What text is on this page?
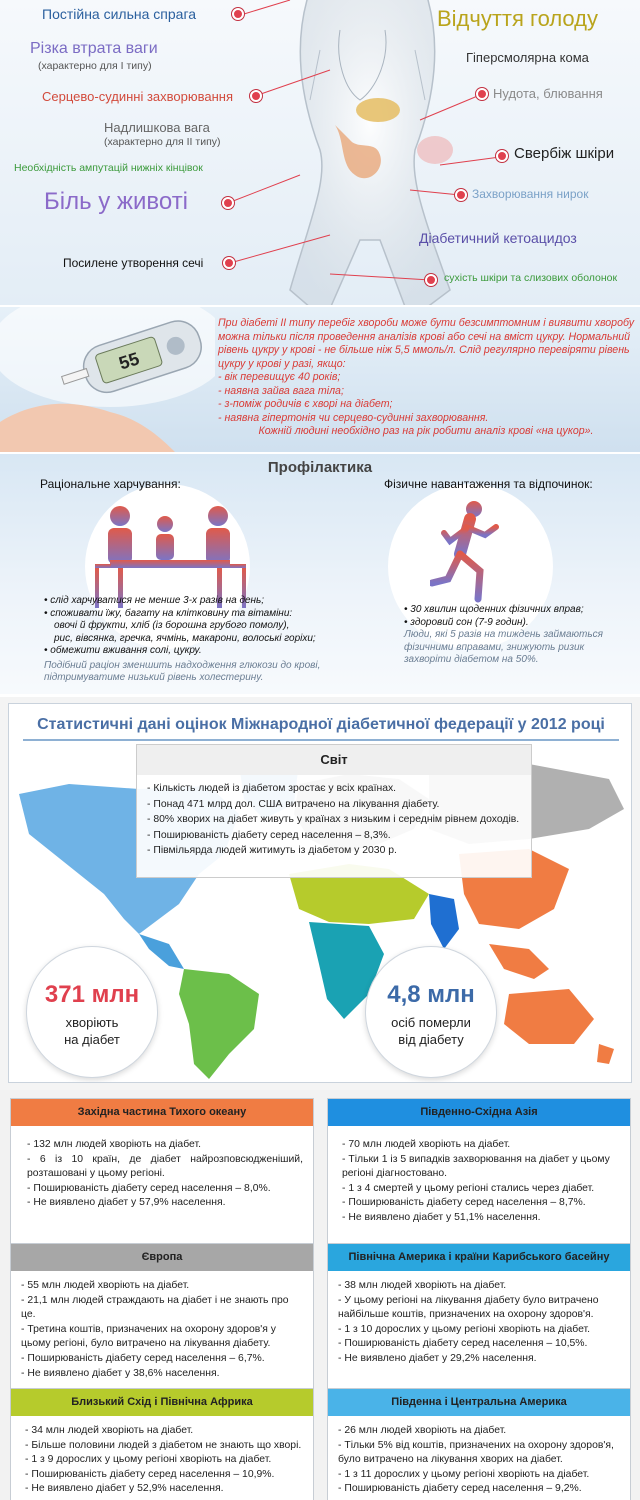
Постійна сильна спрага	Відчуття голоду
Різка втрата ваги
(характерно для І типу)
Гіперсмолярна кома
Серцево-судинні захворювання	Нудота, блювання
Надлишкова вага
(характерно для ІІ типу)
Свербіж шкіри
Необхідність ампутацій нижніх кінцівок
Біль у животі	Захворювання нирок
Діабетичний кетоацидоз
Посилене утворення сечі
сухість шкіри та слизових оболонок
55
При діабеті ІІ типу перебіг хвороби може бути безсимптомним і виявити хворобу можна тільки після проведення аналізів крові або сечі на вміст цукру. Нормальний рівень цукру у крові - не більше ніж 5,5 ммоль/л. Слід регулярно перевіряти рівень цукру у крові у разі, якщо:
- вік перевищує 40 років;
- наявна зайва вага тіла;
- з-поміж родичів є хворі на діабет;
- наявна гіпертонія чи серцево-судинні захворювання.
Кожній людині необхідно раз на рік робити аналіз крові «на цукор».
Профілактика
Раціональне харчування:	Фізичне навантаження та відпочинок:
• слід харчуватися не менше 3-х разів на день;
• споживати їжу, багату на клітковину та вітаміни:
овочі й фрукти, хліб (із борошна грубого помолу),
рис, вівсянка, гречка, ячмінь, макарони, волоські горіхи;
• обмежити вживання солі, цукру.
Подібний раціон зменшить надходження глюкози до крові, підтримуватиме низький рівень холестерину.
• 30 хвилин щоденних фізичних вправ;
• здоровий сон (7-9 годин).
Люди, які 5 разів на тиждень займаються фізичними вправами, знижують ризик захворіти діабетом на 50%.
Статистичні дані оцінок Міжнародної діабетичної федерації у 2012 році
Світ
- Кількість людей із діабетом зростає у всіх країнах.
- Понад 471 млрд дол. США витрачено на лікування діабету.
- 80% хворих на діабет живуть у країнах з низьким і середнім рівнем доходів.
- Поширюваність діабету серед населення – 8,3%.
- Півмільярда людей житимуть із діабетом у 2030 р.
371 млн
хворіють
на діабет
4,8 млн
осіб померли
від діабету
Західна частина Тихого океану
- 132 млн людей хворіють на діабет.
- 6 із 10 країн, де діабет найрозповсюдженіший, розташовані у цьому регіоні.
- Поширюваність діабету серед населення – 8,0%.
- Не виявлено діабет у 57,9% населення.
Південно-Східна Азія
- 70 млн людей хворіють на діабет.
- Тільки 1 із 5 випадків захворювання на діабет у цьому регіоні діагностовано.
- 1 з 4 смертей у цьому регіоні стались через діабет.
- Поширюваність діабету серед населення – 8,7%.
- Не виявлено діабет у 51,1% населення.
Європа
- 55 млн людей хворіють на діабет.
- 21,1 млн людей страждають на діабет і не знають про це.
- Третина коштів, призначених на охорону здоров'я у цьому регіоні, було витрачено на лікування діабету.
- Поширюваність діабету серед населення – 6,7%.
- Не виявлено діабет у 38,6% населення.
Північна Америка і країни Карибського басейну
- 38 млн людей хворіють на діабет.
- У цьому регіоні на лікування діабету було витрачено найбільше коштів, призначених на охорону здоров'я.
- 1 з 10 дорослих у цьому регіоні хворіють на діабет.
- Поширюваність діабету серед населення – 10,5%.
- Не виявлено діабет у 29,2% населення.
Близький Схід і Північна Африка
- 34 млн людей хворіють на діабет.
- Більше половини людей з діабетом не знають що хворі.
- 1 з 9 дорослих у цьому регіоні хворіють на діабет.
- Поширюваність діабету серед населення – 10,9%.
- Не виявлено діабет у 52,9% населення.
Південна і Центральна Америка
- 26 млн людей хворіють на діабет.
- Тільки 5% від коштів, призначених на охорону здоров'я, було витрачено на лікування хворих на діабет.
- 1 з 11 дорослих у цьому регіоні хворіють на діабет.
- Поширюваність діабету серед населення – 9,2%.
